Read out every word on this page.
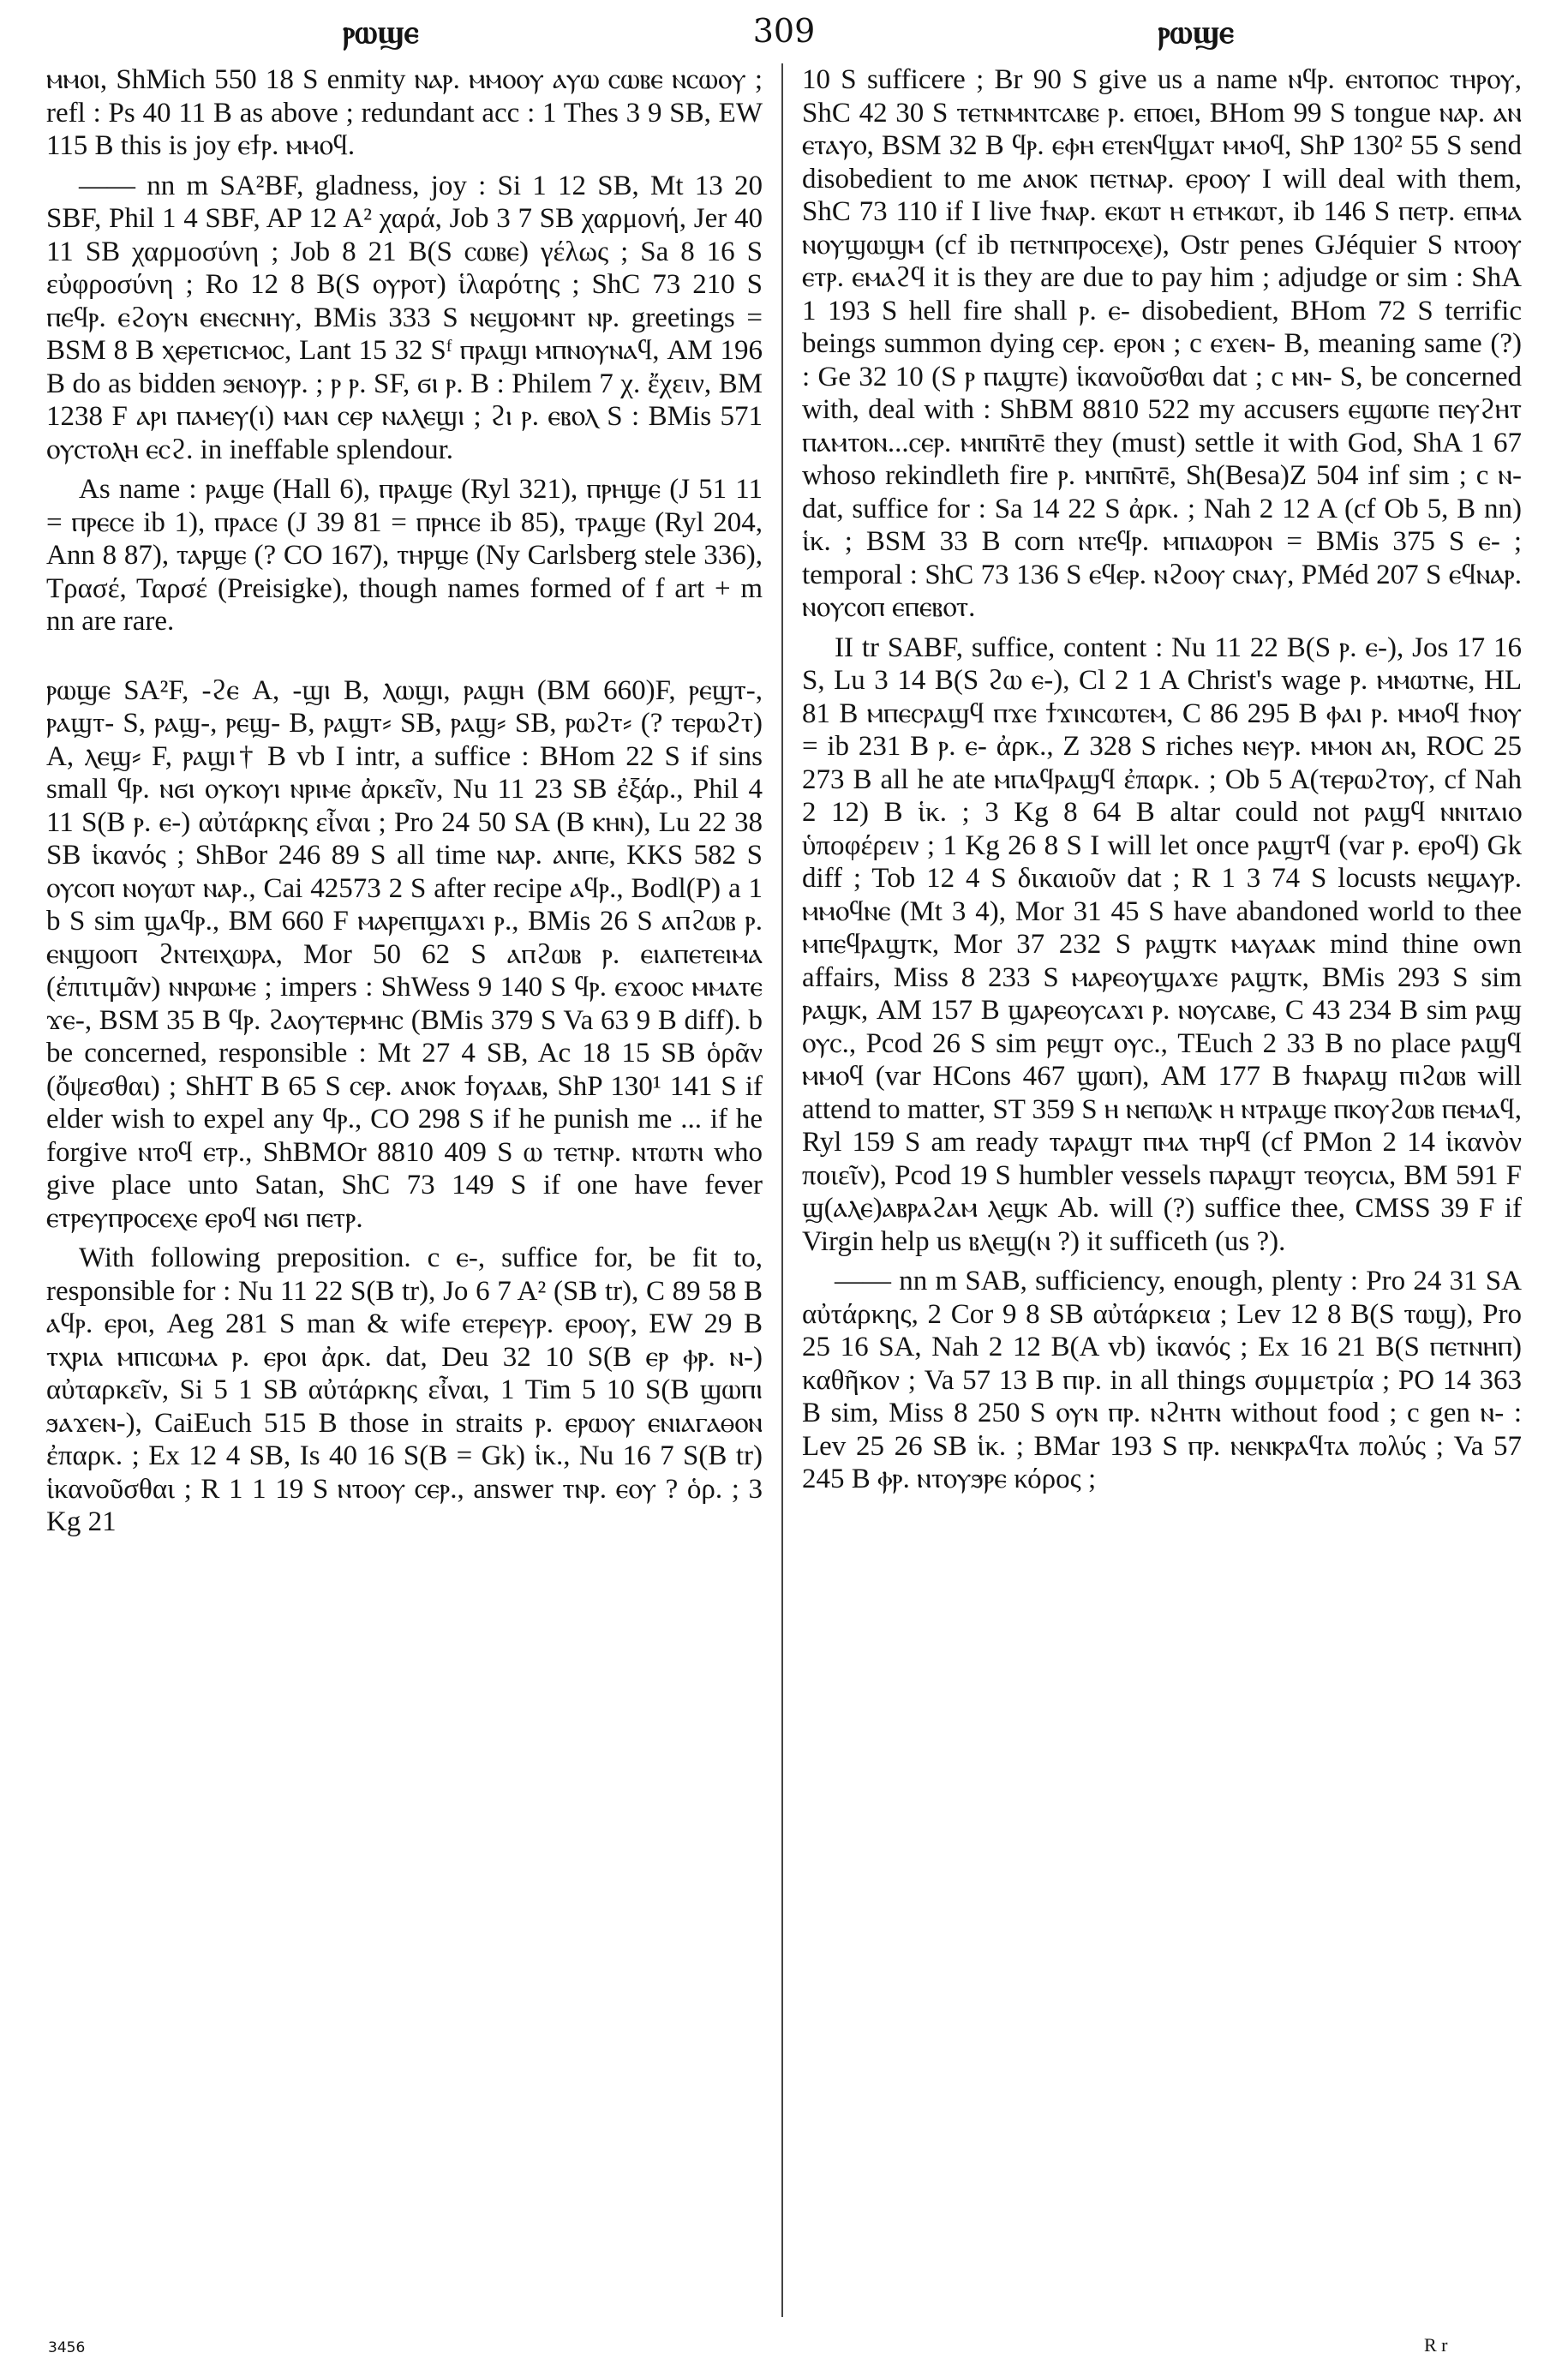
ⲣⲱϣⲉ	309	ⲣⲱϣⲉ

ⲙⲙⲟⲓ, ShMich 550 18 S enmity ⲛⲁⲣ. ⲙⲙⲟⲟⲩ ⲁⲩⲱ ⲥⲱⲃⲉ ⲛⲥⲱⲟⲩ ; refl : Ps 40 11 B as above ; redundant acc : 1 Thes 3 9 SB, EW 115 B this is joy ⲉϯⲣ. ⲙⲙⲟϥ.

—— nn m SA²BF, gladness, joy : Si 1 12 SB, Mt 13 20 SBF, Phil 1 4 SBF, AP 12 A² χαρά, Job 3 7 SB χαρμονή, Jer 40 11 SB χαρμοσύνη ; Job 8 21 B(S ⲥⲱⲃⲉ) γέλως ; Sa 8 16 S εὐφροσύνη ; Ro 12 8 B(S ⲟⲩⲣⲟⲧ) ἱλαρότης ; ShC 73 210 S ⲡⲉϥⲣ. ⲉϩⲟⲩⲛ ⲉⲛⲉⲥⲛⲏⲩ, BMis 333 S ⲛⲉϣⲟⲙⲛⲧ ⲛⲣ. greetings = BSM 8 B ⲭⲉⲣⲉⲧⲓⲥⲙⲟⲥ, Lant 15 32 Sᶠ ⲡⲣⲁϣⲓ ⲙⲡⲛⲟⲩⲛⲁϥ, AM 196 B do as bidden ϧⲉⲛⲟⲩⲣ. ; ⲣ ⲣ. SF, ϭⲓ ⲣ. B : Philem 7 χ. ἔχειν, BM 1238 F ⲁⲣⲓ ⲡⲁⲙⲉⲩ(ⲓ) ⲙⲁⲛ ⲥⲉⲣ ⲛⲁⲗⲉϣⲓ ; ϩⲓ ⲣ. ⲉⲃⲟⲗ S : BMis 571 ⲟⲩⲥⲧⲟⲗⲏ ⲉⲥϩ. in ineffable splendour.

As name : ⲣⲁϣⲉ (Hall 6), ⲡⲣⲁϣⲉ (Ryl 321), ⲡⲣⲏϣⲉ (J 51 11 = ⲡⲣⲉⲥⲉ ib 1), ⲡⲣⲁⲥⲉ (J 39 81 = ⲡⲣⲏⲥⲉ ib 85), ⲧⲣⲁϣⲉ (Ryl 204, Ann 8 87), ⲧⲁⲣϣⲉ (? CO 167), ⲧⲏⲣϣⲉ (Ny Carlsberg stele 336), Τρασέ, Ταρσέ (Preisigke), though names formed of f art + m nn are rare.

ⲣⲱϣⲉ SA²F, -ϩⲉ A, -ϣⲓ B, ⲗⲱϣⲓ, ⲣⲁϣⲏ (BM 660)F, ⲣⲉϣⲧ-, ⲣⲁϣⲧ- S, ⲣⲁϣ-, ⲣⲉϣ- B, ⲣⲁϣⲧ⸗ SB, ⲣⲁϣ⸗ SB, ⲣⲱϩⲧ⸗ (? ⲧⲉⲣⲱϩⲧ) A, ⲗⲉϣ⸗ F, ⲣⲁϣⲓ† B vb I intr, a suffice : BHom 22 S if sins small ϥⲣ. ⲛϭⲓ ⲟⲩⲕⲟⲩⲓ ⲛⲣⲓⲙⲉ ἀρκεῖν, Nu 11 23 SB ἐξάρ., Phil 4 11 S(B ⲣ. ⲉ-) αὐτάρκης εἶναι ; Pro 24 50 SA (B ⲕⲏⲛ), Lu 22 38 SB ἱκανός ; ShBor 246 89 S all time ⲛⲁⲣ. ⲁⲛⲡⲉ, KKS 582 S ⲟⲩⲥⲟⲡ ⲛⲟⲩⲱⲧ ⲛⲁⲣ., Cai 42573 2 S after recipe ⲁϥⲣ., Bodl(P) a 1 b S sim ϣⲁϥⲣ., BM 660 F ⲙⲁⲣⲉⲡϣⲁϫⲓ ⲣ., BMis 26 S ⲁⲡϩⲱⲃ ⲣ. ⲉⲛϣⲟⲟⲡ ϩⲛⲧⲉⲓⲭⲱⲣⲁ, Mor 50 62 S ⲁⲡϩⲱⲃ ⲣ. ⲉⲓⲁⲡⲉⲧⲉⲓⲙⲁ (ἐπιτιμᾶν) ⲛⲛⲣⲱⲙⲉ ; impers : ShWess 9 140 S ϥⲣ. ⲉϫⲟⲟⲥ ⲙⲙⲁⲧⲉ ϫⲉ-, BSM 35 B ϥⲣ. ϩⲁⲟⲩⲧⲉⲣⲙⲏⲥ (BMis 379 S Va 63 9 B diff). b be concerned, responsible : Mt 27 4 SB, Ac 18 15 SB ὁρᾶν (ὄψεσθαι) ; ShHT B 65 S ⲥⲉⲣ. ⲁⲛⲟⲕ ϯⲟⲩⲁⲁⲃ, ShP 130¹ 141 S if elder wish to expel any ϥⲣ., CO 298 S if he punish me ... if he forgive ⲛⲧⲟϥ ⲉⲧⲣ., ShBMOr 8810 409 S ⲱ ⲧⲉⲧⲛⲣ. ⲛⲧⲱⲧⲛ who give place unto Satan, ShC 73 149 S if one have fever ⲉⲧⲣⲉⲩⲡⲣⲟⲥⲉⲭⲉ ⲉⲣⲟϥ ⲛϭⲓ ⲡⲉⲧⲣ.

With following preposition. c ⲉ-, suffice for, be fit to, responsible for : Nu 11 22 S(B tr), Jo 6 7 A² (SB tr), C 89 58 B ⲁϥⲣ. ⲉⲣⲟⲓ, Aeg 281 S man & wife ⲉⲧⲉⲣⲉⲩⲣ. ⲉⲣⲟⲟⲩ, EW 29 B ⲧⲭⲣⲓⲁ ⲙⲡⲓⲥⲱⲙⲁ ⲣ. ⲉⲣⲟⲓ ἀρκ. dat, Deu 32 10 S(B ⲉⲣ ⲫⲣ. ⲛ-) αὐταρκεῖν, Si 5 1 SB αὐτάρκης εἶναι, 1 Tim 5 10 S(B ϣⲱⲡⲓ ϧⲁϫⲉⲛ-), CaiEuch 515 B those in straits ⲣ. ⲉⲣⲱⲟⲩ ⲉⲛⲓⲁⲅⲁⲑⲟⲛ ἐπαρκ. ; Ex 12 4 SB, Is 40 16 S(B = Gk) ἱκ., Nu 16 7 S(B tr) ἱκανοῦσθαι ; R 1 1 19 S ⲛⲧⲟⲟⲩ ⲥⲉⲣ., answer ⲧⲛⲣ. ⲉⲟⲩ ? ὁρ. ; 3 Kg 21

10 S sufficere ; Br 90 S give us a name ⲛϥⲣ. ⲉⲛⲧⲟⲡⲟⲥ ⲧⲏⲣⲟⲩ, ShC 42 30 S ⲧⲉⲧⲛⲙⲛⲧⲥⲁⲃⲉ ⲣ. ⲉⲡⲟⲉⲓ, BHom 99 S tongue ⲛⲁⲣ. ⲁⲛ ⲉⲧⲁⲩⲟ, BSM 32 B ϥⲣ. ⲉⲫⲏ ⲉⲧⲉⲛϥϣⲁⲧ ⲙⲙⲟϥ, ShP 130² 55 S send disobedient to me ⲁⲛⲟⲕ ⲡⲉⲧⲛⲁⲣ. ⲉⲣⲟⲟⲩ I will deal with them, ShC 73 110 if I live ϯⲛⲁⲣ. ⲉⲕⲱⲧ ⲏ ⲉⲧⲙⲕⲱⲧ, ib 146 S ⲡⲉⲧⲣ. ⲉⲡⲙⲁ ⲛⲟⲩϣⲱϣⲙ (cf ib ⲡⲉⲧⲛⲡⲣⲟⲥⲉⲭⲉ), Ostr penes GJéquier S ⲛⲧⲟⲟⲩ ⲉⲧⲣ. ⲉⲙⲁϩϥ it is they are due to pay him ; adjudge or sim : ShA 1 193 S hell fire shall ⲣ. ⲉ- disobedient, BHom 72 S terrific beings summon dying ⲥⲉⲣ. ⲉⲣⲟⲛ ; c ⲉϫⲉⲛ- B, meaning same (?) : Ge 32 10 (S ⲣ ⲡⲁϣⲧⲉ) ἱκανοῦσθαι dat ; c ⲙⲛ- S, be concerned with, deal with : ShBM 8810 522 my accusers ⲉϣⲱⲡⲉ ⲡⲉⲩϩⲏⲧ ⲡⲁⲙⲧⲟⲛ...ⲥⲉⲣ. ⲙⲛⲡⲛ̄ⲧⲉ̄ they (must) settle it with God, ShA 1 67 whoso rekindleth fire ⲣ. ⲙⲛⲡⲛ̄ⲧⲉ̄, Sh(Besa)Z 504 inf sim ; c ⲛ- dat, suffice for : Sa 14 22 S ἀρκ. ; Nah 2 12 A (cf Ob 5, B nn) ἱκ. ; BSM 33 B corn ⲛⲧⲉϥⲣ. ⲙⲡⲓⲁⲱⲣⲟⲛ = BMis 375 S ⲉ- ; temporal : ShC 73 136 S ⲉϥⲉⲣ. ⲛϩⲟⲟⲩ ⲥⲛⲁⲩ, PMéd 207 S ⲉϥⲛⲁⲣ. ⲛⲟⲩⲥⲟⲡ ⲉⲡⲉⲃⲟⲧ.

II tr SABF, suffice, content : Nu 11 22 B(S ⲣ. ⲉ-), Jos 17 16 S, Lu 3 14 B(S ϩⲱ ⲉ-), Cl 2 1 A Christ's wage ⲣ. ⲙⲙⲱⲧⲛⲉ, HL 81 B ⲙⲡⲉⲥⲣⲁϣϥ ⲡϫⲉ ϯϫⲓⲛⲥⲱⲧⲉⲙ, C 86 295 B ⲫⲁⲓ ⲣ. ⲙⲙⲟϥ ϯⲛⲟⲩ = ib 231 B ⲣ. ⲉ- ἀρκ., Z 328 S riches ⲛⲉⲩⲣ. ⲙⲙⲟⲛ ⲁⲛ, ROC 25 273 B all he ate ⲙⲡⲁϥⲣⲁϣϥ ἐπαρκ. ; Ob 5 A(ⲧⲉⲣⲱϩⲧⲟⲩ, cf Nah 2 12) B ἱκ. ; 3 Kg 8 64 B altar could not ⲣⲁϣϥ ⲛⲛⲓⲧⲁⲓⲟ ὑποφέρειν ; 1 Kg 26 8 S I will let once ⲣⲁϣⲧϥ (var ⲣ. ⲉⲣⲟϥ) Gk diff ; Tob 12 4 S δικαιοῦν dat ; R 1 3 74 S locusts ⲛⲉϣⲁⲩⲣ. ⲙⲙⲟϥⲛⲉ (Mt 3 4), Mor 31 45 S have abandoned world to thee ⲙⲡⲉϥⲣⲁϣⲧⲕ, Mor 37 232 S ⲣⲁϣⲧⲕ ⲙⲁⲩⲁⲁⲕ mind thine own affairs, Miss 8 233 S ⲙⲁⲣⲉⲟⲩϣⲁϫⲉ ⲣⲁϣⲧⲕ, BMis 293 S sim ⲣⲁϣⲕ, AM 157 B ϣⲁⲣⲉⲟⲩⲥⲁϫⲓ ⲣ. ⲛⲟⲩⲥⲁⲃⲉ, C 43 234 B sim ⲣⲁϣ ⲟⲩⲥ., Pcod 26 S sim ⲣⲉϣⲧ ⲟⲩⲥ., TEuch 2 33 B no place ⲣⲁϣϥ ⲙⲙⲟϥ (var HCons 467 ϣⲱⲡ), AM 177 B ϯⲛⲁⲣⲁϣ ⲡⲓϩⲱⲃ will attend to matter, ST 359 S ⲏ ⲛⲉⲡⲱⲗⲕ ⲏ ⲛⲧⲣⲁϣⲉ ⲡⲕⲟⲩϩⲱⲃ ⲡⲉⲙⲁϥ, Ryl 159 S am ready ⲧⲁⲣⲁϣⲧ ⲡⲙⲁ ⲧⲏⲣϥ (cf PMon 2 14 ἱκανὸν ποιεῖν), Pcod 19 S humbler vessels ⲡⲁⲣⲁϣⲧ ⲧⲉⲟⲩⲥⲓⲁ, BM 591 F ϣ(ⲁⲗⲉ)ⲁⲃⲣⲁϩⲁⲙ ⲗⲉϣⲕ Ab. will (?) suffice thee, CMSS 39 F if Virgin help us ⲃⲗⲉϣ(ⲛ ?) it sufficeth (us ?).

—— nn m SAB, sufficiency, enough, plenty : Pro 24 31 SA αὐτάρκης, 2 Cor 9 8 SB αὐτάρκεια ; Lev 12 8 B(S ⲧⲱϣ), Pro 25 16 SA, Nah 2 12 B(A vb) ἱκανός ; Ex 16 21 B(S ⲡⲉⲧⲛⲏⲡ) καθῆκον ; Va 57 13 B ⲡⲓⲣ. in all things συμμετρία ; PO 14 363 B sim, Miss 8 250 S ⲟⲩⲛ ⲡⲣ. ⲛϩⲏⲧⲛ without food ; c gen ⲛ- : Lev 25 26 SB ἱκ. ; BMar 193 S ⲡⲣ. ⲛⲉⲛⲕⲣⲁϥⲧⲁ πολύς ; Va 57 245 B ⲫⲣ. ⲛⲧⲟⲩϧⲣⲉ κόρος ;

3456	R r
